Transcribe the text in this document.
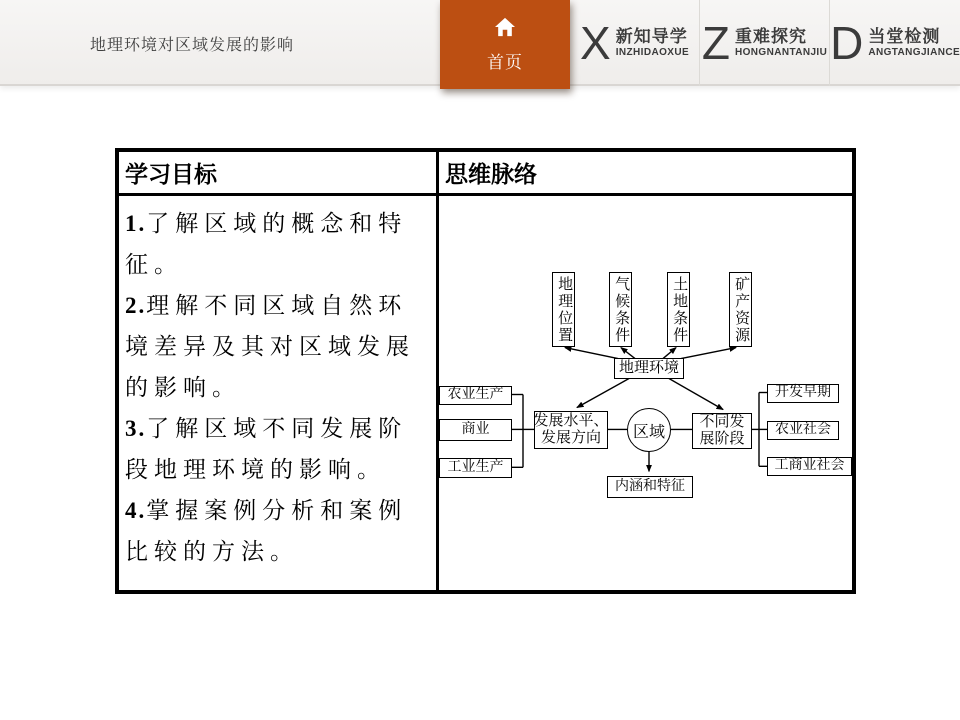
地理环境对区域发展的影响	X 新知导学
INZHIDAOXUE Z 重难探究
HONGNANTANJIU D 当堂检测
ANGTANGJIANCE
首页
学习目标	思维脉络
1.了解区域的概念和特征。
2.理解不同区域自然环境差异及其对区域发展的影响。
3.了解区域不同发展阶段地理环境的影响。
4.掌握案例分析和案例比较的方法。
地理位置	气候条件	土地条件	矿产资源
地理环境
农业生产
商业
工业生产
发展水平、
发展方向	区域
不同发
展阶段
开发早期
农业社会
工商业社会
内涵和特征
